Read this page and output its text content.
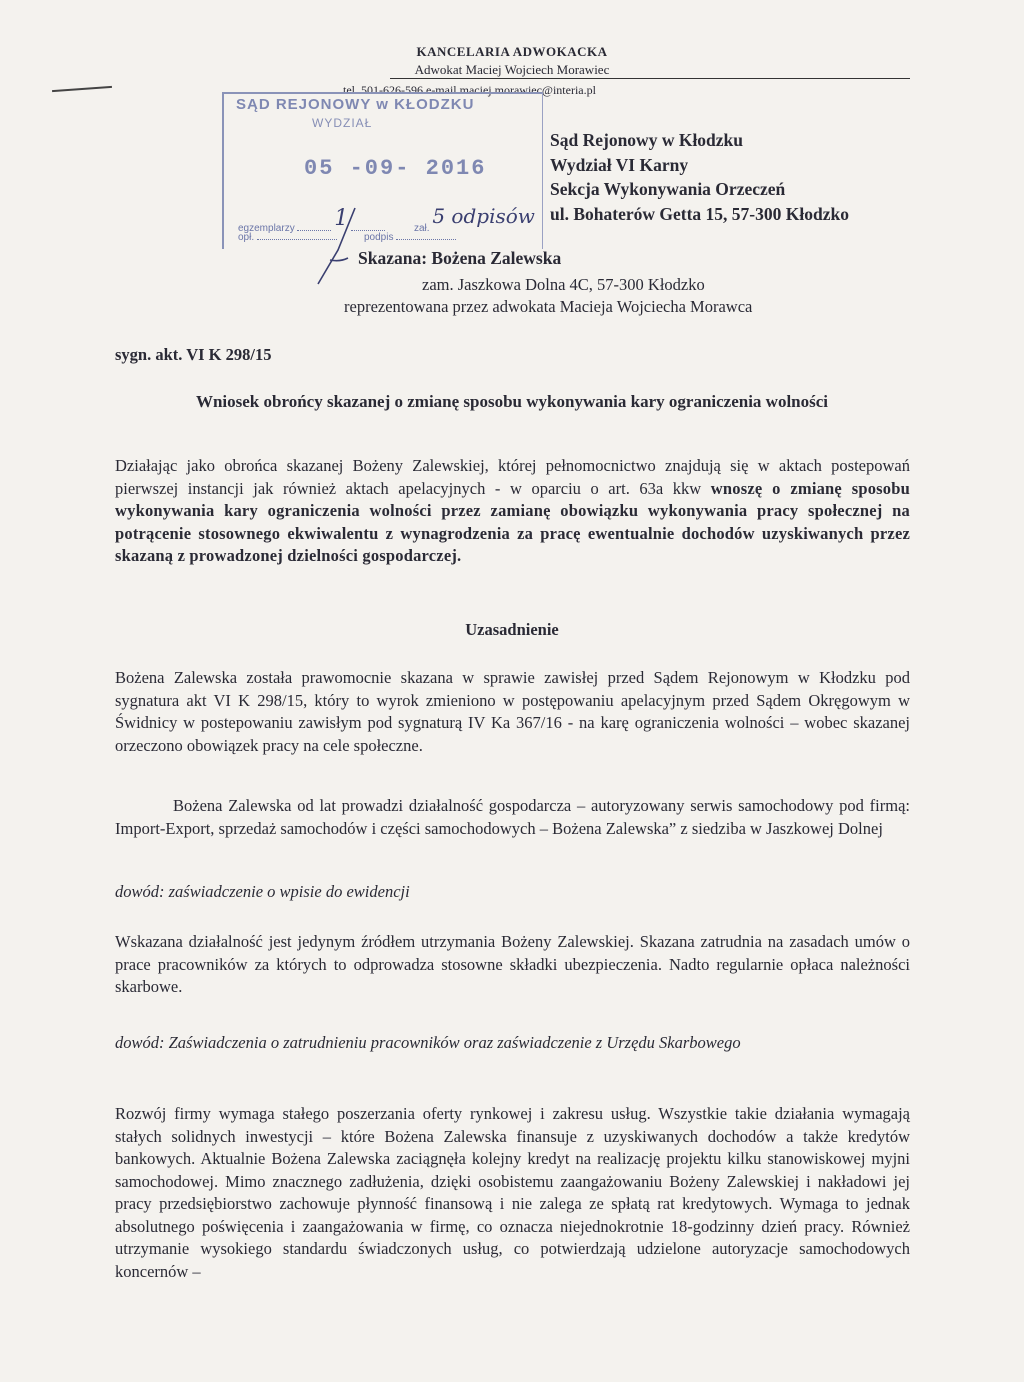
KANCELARIA ADWOKACKA
Adwokat Maciej Wojciech Morawiec
tel. 501-626-596 e-mail maciej.morawiec@interia.pl
SĄD REJONOWY w KŁODZKU
WYDZIAŁ
05 -09- 2016
egzemplarzy 1	zał. 5 odpisów
opł.	podpis
Sąd Rejonowy w Kłodzku
Wydział VI Karny
Sekcja Wykonywania Orzeczeń
ul. Bohaterów Getta 15, 57-300 Kłodzko
Skazana: Bożena Zalewska
zam. Jaszkowa Dolna 4C, 57-300 Kłodzko
reprezentowana przez adwokata Macieja Wojciecha Morawca
sygn. akt. VI K 298/15
Wniosek obrońcy skazanej o zmianę sposobu wykonywania kary ograniczenia wolności
Działając jako obrońca skazanej Bożeny Zalewskiej, której pełnomocnictwo znajdują się w aktach postepowań pierwszej instancji jak również aktach apelacyjnych - w oparciu o art. 63a kkw wnoszę o zmianę sposobu wykonywania kary ograniczenia wolności przez zamianę obowiązku wykonywania pracy społecznej na potrącenie stosownego ekwiwalentu z wynagrodzenia za pracę ewentualnie dochodów uzyskiwanych przez skazaną z prowadzonej dzielności gospodarczej.
Uzasadnienie
Bożena Zalewska została prawomocnie skazana w sprawie zawisłej przed Sądem Rejonowym w Kłodzku pod sygnatura akt VI K 298/15, który to wyrok zmieniono w postępowaniu apelacyjnym przed Sądem Okręgowym w Świdnicy w postepowaniu zawisłym pod sygnaturą IV Ka 367/16 - na karę ograniczenia wolności – wobec skazanej orzeczono obowiązek pracy na cele społeczne.
Bożena Zalewska od lat prowadzi działalność gospodarcza – autoryzowany serwis samochodowy pod firmą: Import-Export, sprzedaż samochodów i części samochodowych – Bożena Zalewska” z siedziba w Jaszkowej Dolnej
dowód: zaświadczenie o wpisie do ewidencji
Wskazana działalność jest jedynym źródłem utrzymania Bożeny Zalewskiej. Skazana zatrudnia na zasadach umów o prace pracowników za których to odprowadza stosowne składki ubezpieczenia. Nadto regularnie opłaca należności skarbowe.
dowód: Zaświadczenia o zatrudnieniu pracowników oraz zaświadczenie z Urzędu Skarbowego
Rozwój firmy wymaga stałego poszerzania oferty rynkowej i zakresu usług. Wszystkie takie działania wymagają stałych solidnych inwestycji – które Bożena Zalewska finansuje z uzyskiwanych dochodów a także kredytów bankowych. Aktualnie Bożena Zalewska zaciągnęła kolejny kredyt na realizację projektu kilku stanowiskowej myjni samochodowej. Mimo znacznego zadłużenia, dzięki osobistemu zaangażowaniu Bożeny Zalewskiej i nakładowi jej pracy przedsiębiorstwo zachowuje płynność finansową i nie zalega ze spłatą rat kredytowych. Wymaga to jednak absolutnego poświęcenia i zaangażowania w firmę, co oznacza niejednokrotnie 18-godzinny dzień pracy. Również utrzymanie wysokiego standardu świadczonych usług, co potwierdzają udzielone autoryzacje samochodowych koncernów –
